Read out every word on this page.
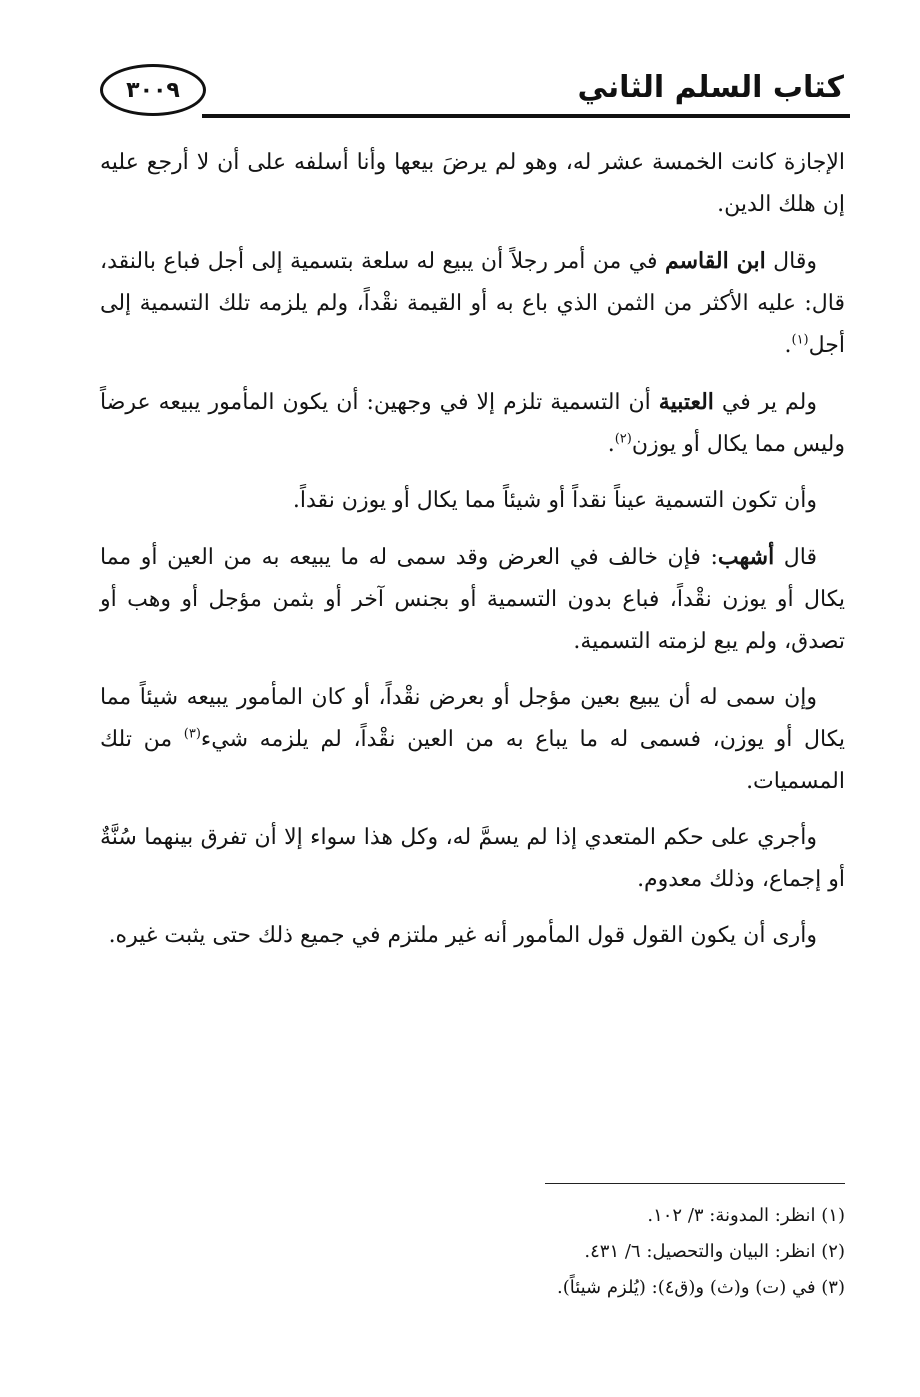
كتاب السلم الثاني
٣٠٠٩

الإجازة كانت الخمسة عشر له، وهو لم يرضَ بيعها وأنا أسلفه على أن لا أرجع عليه إن هلك الدين.

وقال ابن القاسم في من أمر رجلاً أن يبيع له سلعة بتسمية إلى أجل فباع بالنقد، قال: عليه الأكثر من الثمن الذي باع به أو القيمة نقْداً، ولم يلزمه تلك التسمية إلى أجل$^{(١)}$.

ولم ير في العتبية أن التسمية تلزم إلا في وجهين: أن يكون المأمور يبيعه عرضاً وليس مما يكال أو يوزن$^{(٢)}$.

وأن تكون التسمية عيناً نقداً أو شيئاً مما يكال أو يوزن نقداً.

قال أشهب: فإن خالف في العرض وقد سمى له ما يبيعه به من العين أو مما يكال أو يوزن نقْداً، فباع بدون التسمية أو بجنس آخر أو بثمن مؤجل أو وهب أو تصدق، ولم يبع لزمته التسمية.

وإن سمى له أن يبيع بعين مؤجل أو بعرض نقْداً، أو كان المأمور يبيعه شيئاً مما يكال أو يوزن، فسمى له ما يباع به من العين نقْداً، لم يلزمه شيء$^{(٣)}$ من تلك المسميات.

وأجري على حكم المتعدي إذا لم يسمَّ له، وكل هذا سواء إلا أن تفرق بينهما سُنَّةٌ أو إجماع، وذلك معدوم.

وأرى أن يكون القول قول المأمور أنه غير ملتزم في جميع ذلك حتى يثبت غيره.

(١) انظر: المدونة: ٣/ ١٠٢.

(٢) انظر: البيان والتحصيل: ٦/ ٤٣١.

(٣) في (ت) و(ث) و(ق٤): (يُلزم شيئاً).
